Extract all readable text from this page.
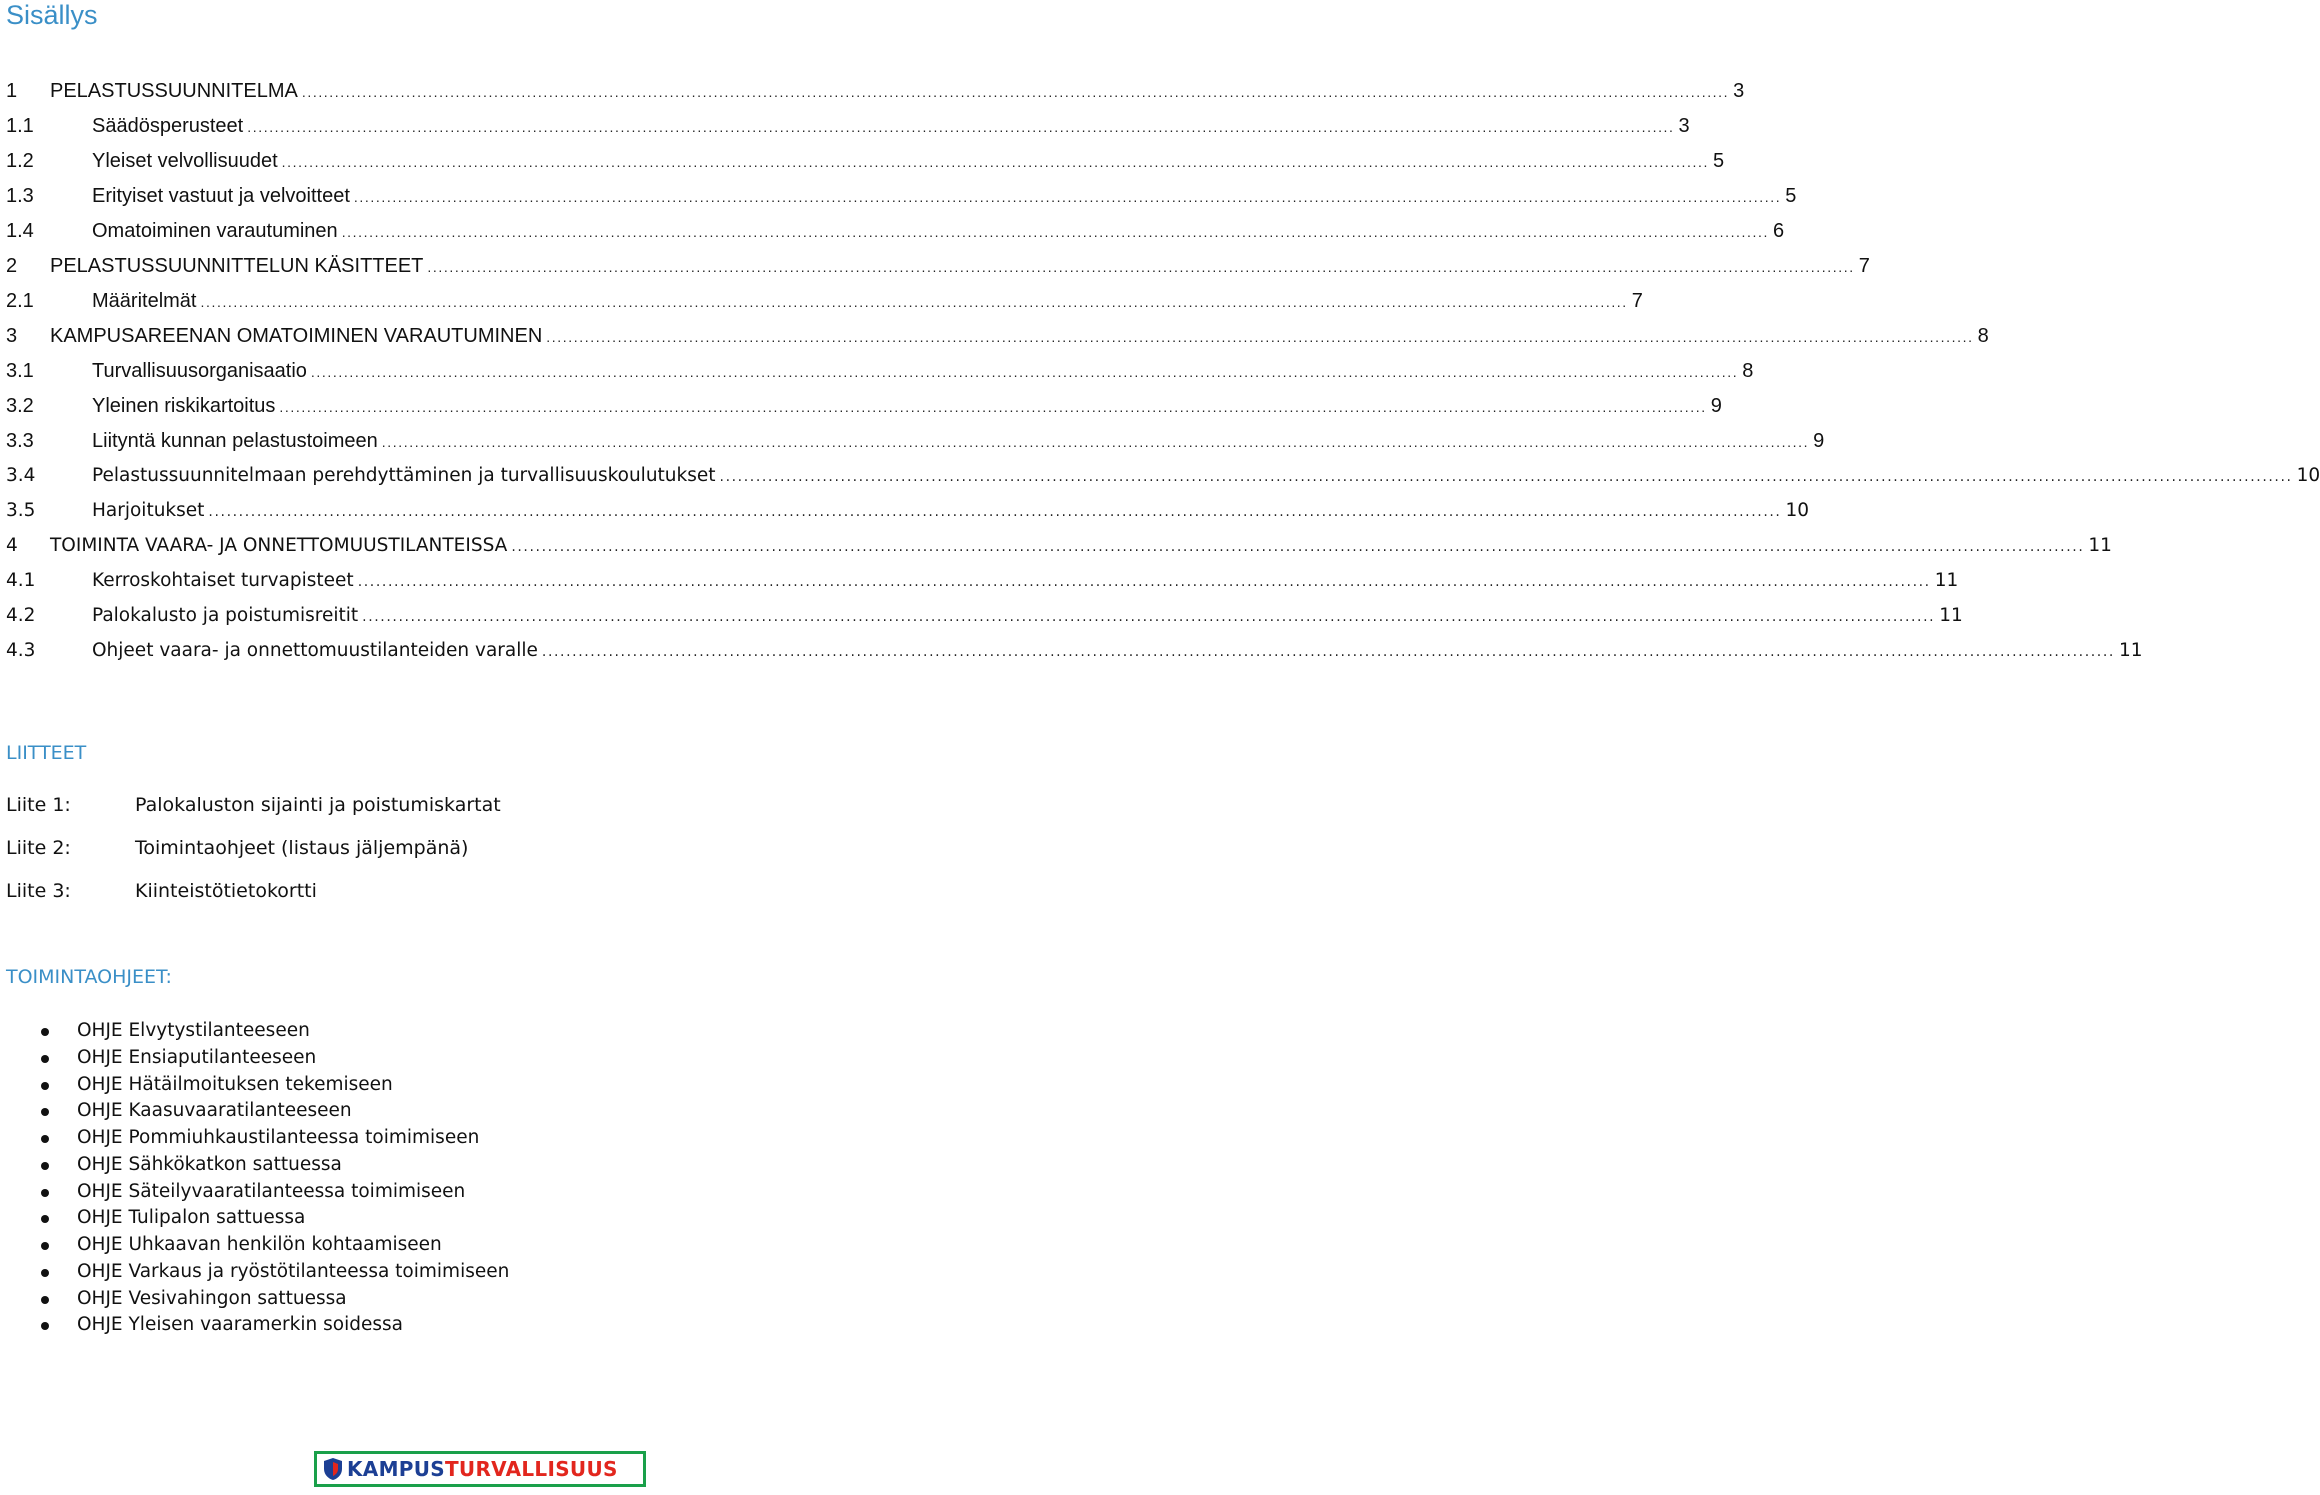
Sisällys
1	PELASTUSSUUNNITELMA .................................................................................................................................................................................................................................................................... 3
1.1	Säädösperusteet .................................................................................................................................................................................................................................................................... 3
1.2	Yleiset velvollisuudet .................................................................................................................................................................................................................................................................... 5
1.3	Erityiset vastuut ja velvoitteet .................................................................................................................................................................................................................................................................... 5
1.4	Omatoiminen varautuminen .................................................................................................................................................................................................................................................................... 6
2	PELASTUSSUUNNITTELUN KÄSITTEET .................................................................................................................................................................................................................................................................... 7
2.1	Määritelmät .................................................................................................................................................................................................................................................................... 7
3	KAMPUSAREENAN OMATOIMINEN VARAUTUMINEN .................................................................................................................................................................................................................................................................... 8
3.1	Turvallisuusorganisaatio .................................................................................................................................................................................................................................................................... 8
3.2	Yleinen riskikartoitus .................................................................................................................................................................................................................................................................... 9
3.3	Liityntä kunnan pelastustoimeen .................................................................................................................................................................................................................................................................... 9
3.4	Pelastussuunnitelmaan perehdyttäminen ja turvallisuuskoulutukset .................................................................................................................................................................................................................................................................... 10
3.5	Harjoitukset .................................................................................................................................................................................................................................................................... 10
4	TOIMINTA VAARA- JA ONNETTOMUUSTILANTEISSA .................................................................................................................................................................................................................................................................... 11
4.1	Kerroskohtaiset turvapisteet .................................................................................................................................................................................................................................................................... 11
4.2	Palokalusto ja poistumisreitit .................................................................................................................................................................................................................................................................... 11
4.3	Ohjeet vaara- ja onnettomuustilanteiden varalle .................................................................................................................................................................................................................................................................... 11
LIITTEET
Liite 1:	Palokaluston sijainti ja poistumiskartat
Liite 2:	Toimintaohjeet (listaus jäljempänä)
Liite 3:	Kiinteistötietokortti
TOIMINTAOHJEET:
OHJE Elvytystilanteeseen
OHJE Ensiaputilanteeseen
OHJE Hätäilmoituksen tekemiseen
OHJE Kaasuvaaratilanteeseen
OHJE Pommiuhkaustilanteessa toimimiseen
OHJE Sähkökatkon sattuessa
OHJE Säteilyvaaratilanteessa toimimiseen
OHJE Tulipalon sattuessa
OHJE Uhkaavan henkilön kohtaamiseen
OHJE Varkaus ja ryöstötilanteessa toimimiseen
OHJE Vesivahingon sattuessa
OHJE Yleisen vaaramerkin soidessa
KAMPUSTURVALLISUUS
